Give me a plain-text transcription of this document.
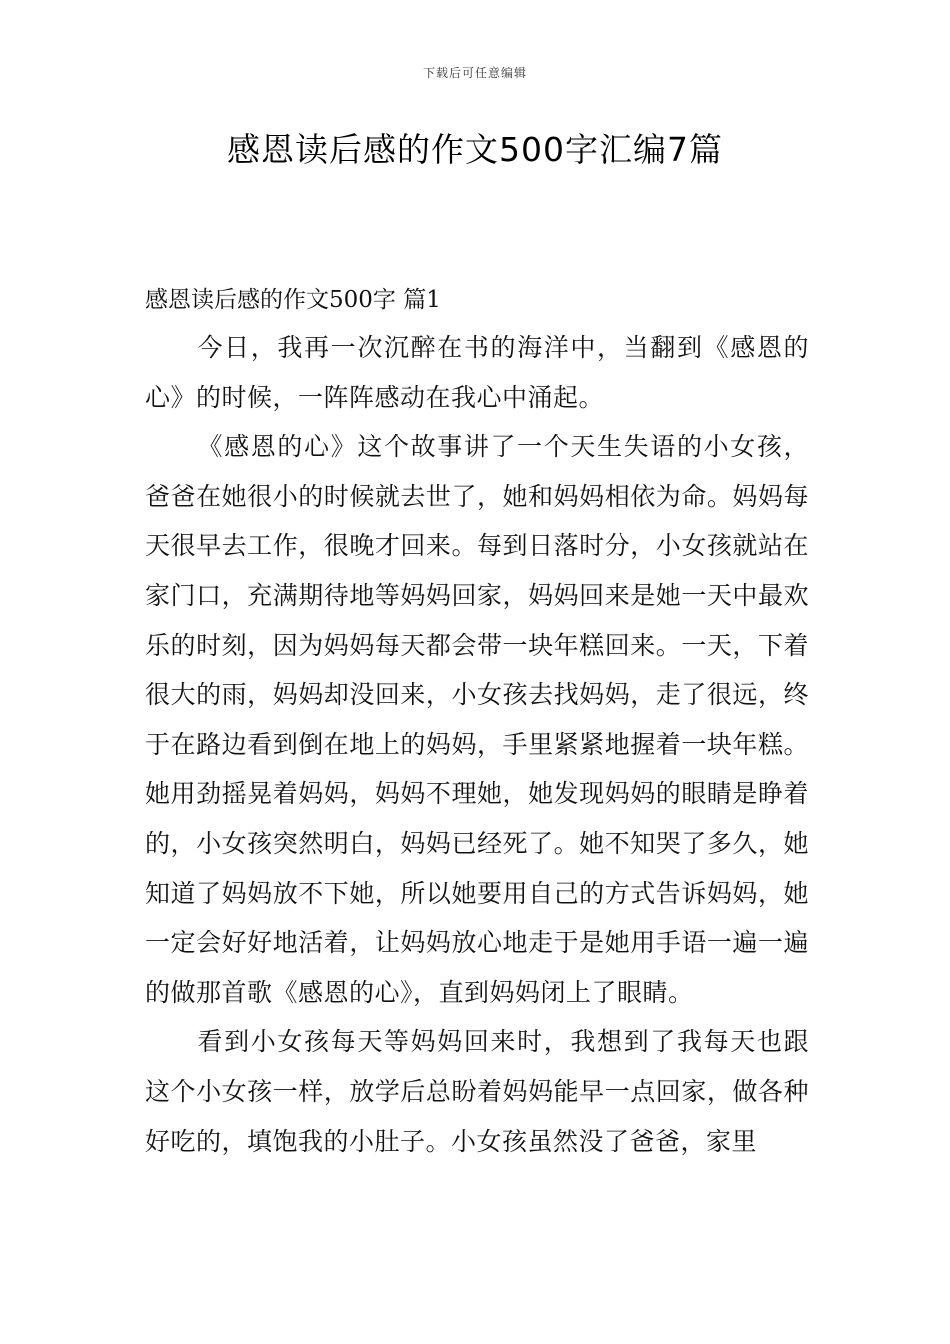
下载后可任意编辑
感恩读后感的作文500字汇编7篇
感恩读后感的作文500字 篇1

今日，我再一次沉醉在书的海洋中，当翻到《感恩的心》的时候，一阵阵感动在我心中涌起。

《感恩的心》这个故事讲了一个天生失语的小女孩，爸爸在她很小的时候就去世了，她和妈妈相依为命。妈妈每天很早去工作，很晚才回来。每到日落时分，小女孩就站在家门口，充满期待地等妈妈回家，妈妈回来是她一天中最欢乐的时刻，因为妈妈每天都会带一块年糕回来。一天，下着很大的雨，妈妈却没回来，小女孩去找妈妈，走了很远，终于在路边看到倒在地上的妈妈，手里紧紧地握着一块年糕。她用劲摇晃着妈妈，妈妈不理她，她发现妈妈的眼睛是睁着的，小女孩突然明白，妈妈已经死了。她不知哭了多久，她知道了妈妈放不下她，所以她要用自己的方式告诉妈妈，她一定会好好地活着，让妈妈放心地走于是她用手语一遍一遍的做那首歌《感恩的心》，直到妈妈闭上了眼睛。

看到小女孩每天等妈妈回来时，我想到了我每天也跟这个小女孩一样，放学后总盼着妈妈能早一点回家，做各种好吃的，填饱我的小肚子。小女孩虽然没了爸爸，家里
